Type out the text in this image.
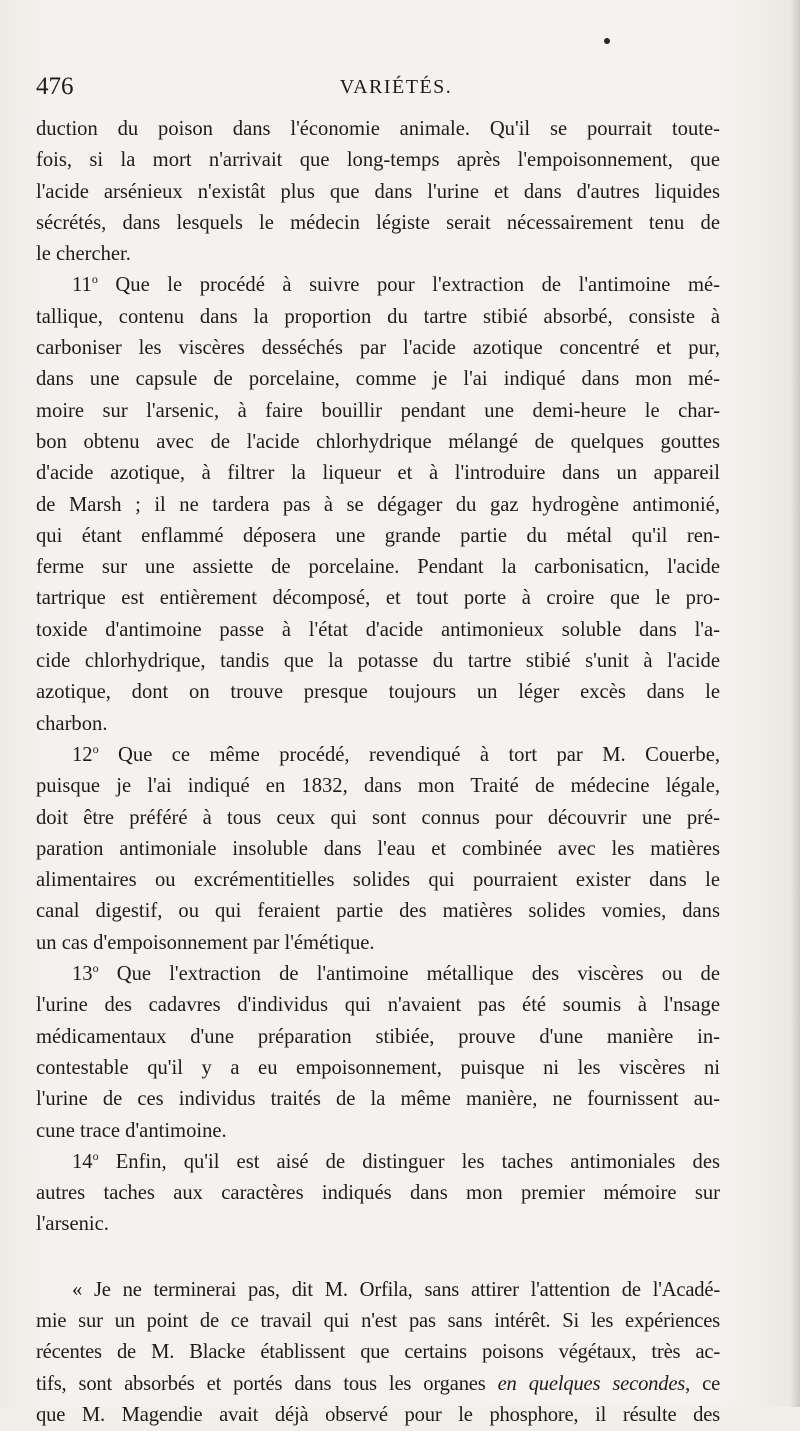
476	VARIÉTÉS.

duction du poison dans l'économie animale. Qu'il se pourrait toute-

fois, si la mort n'arrivait que long-temps après l'empoisonnement, que

l'acide arsénieux n'existât plus que dans l'urine et dans d'autres liquides

sécrétés, dans lesquels le médecin légiste serait nécessairement tenu de

le chercher.

11$^o$ Que le procédé à suivre pour l'extraction de l'antimoine mé-

tallique, contenu dans la proportion du tartre stibié absorbé, consiste à

carboniser les viscères desséchés par l'acide azotique concentré et pur,

dans une capsule de porcelaine, comme je l'ai indiqué dans mon mé-

moire sur l'arsenic, à faire bouillir pendant une demi-heure le char-

bon obtenu avec de l'acide chlorhydrique mélangé de quelques gouttes

d'acide azotique, à filtrer la liqueur et à l'introduire dans un appareil

de Marsh ; il ne tardera pas à se dégager du gaz hydrogène antimonié,

qui étant enflammé déposera une grande partie du métal qu'il ren-

ferme sur une assiette de porcelaine. Pendant la carbonisaticn, l'acide

tartrique est entièrement décomposé, et tout porte à croire que le pro-

toxide d'antimoine passe à l'état d'acide antimonieux soluble dans l'a-

cide chlorhydrique, tandis que la potasse du tartre stibié s'unit à l'acide

azotique, dont on trouve presque toujours un léger excès dans le

charbon.

12$^o$ Que ce même procédé, revendiqué à tort par M. Couerbe,

puisque je l'ai indiqué en 1832, dans mon Traité de médecine légale,

doit être préféré à tous ceux qui sont connus pour découvrir une pré-

paration antimoniale insoluble dans l'eau et combinée avec les matières

alimentaires ou excrémentitielles solides qui pourraient exister dans le

canal digestif, ou qui feraient partie des matières solides vomies, dans

un cas d'empoisonnement par l'émétique.

13$^o$ Que l'extraction de l'antimoine métallique des viscères ou de

l'urine des cadavres d'individus qui n'avaient pas été soumis à l'nsage

médicamentaux d'une préparation stibiée, prouve d'une manière in-

contestable qu'il y a eu empoisonnement, puisque ni les viscères ni

l'urine de ces individus traités de la même manière, ne fournissent au-

cune trace d'antimoine.

14$^o$ Enfin, qu'il est aisé de distinguer les taches antimoniales des

autres taches aux caractères indiqués dans mon premier mémoire sur

l'arsenic.

« Je ne terminerai pas, dit M. Orfila, sans attirer l'attention de l'Acadé-

mie sur un point de ce travail qui n'est pas sans intérêt. Si les expériences

récentes de M. Blacke établissent que certains poisons végétaux, très ac-

tifs, sont absorbés et portés dans tous les organes en quelques secondes, ce

que M. Magendie avait déjà observé pour le phosphore, il résulte des
